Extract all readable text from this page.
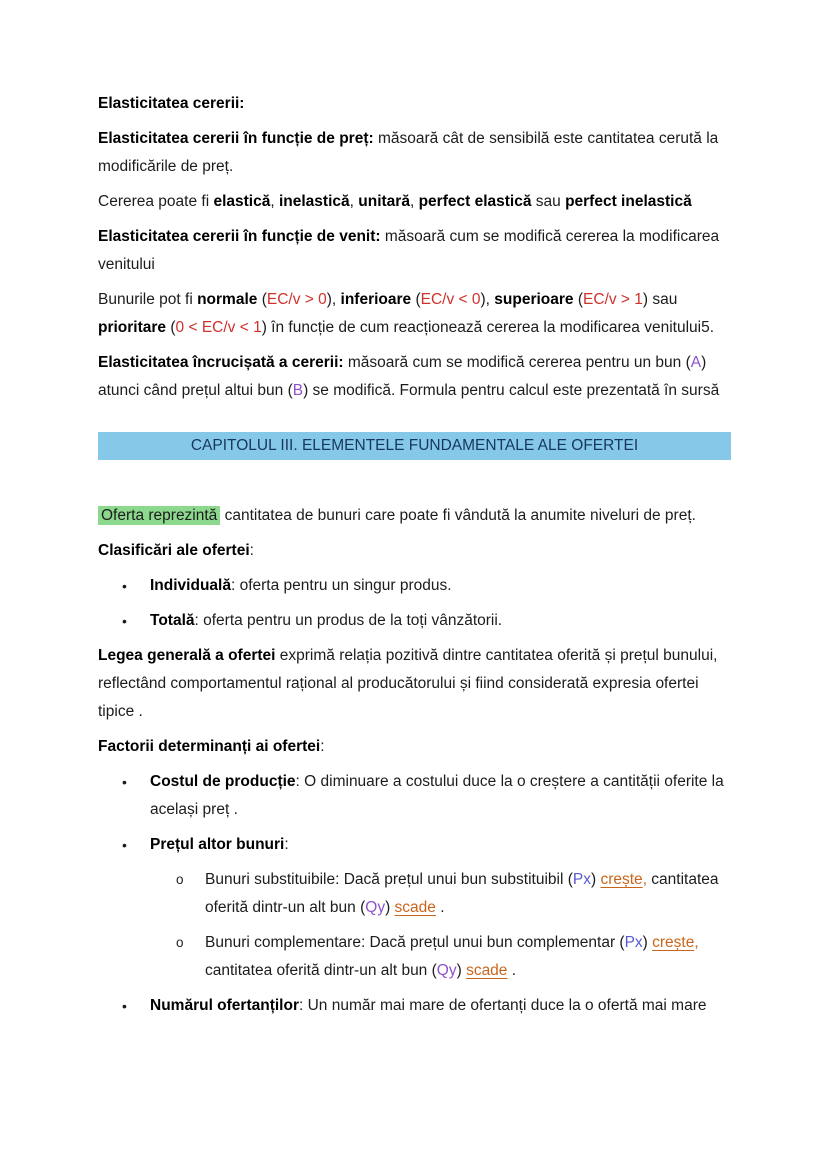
Elasticitatea cererii:

Elasticitatea cererii în funcție de preț: măsoară cât de sensibilă este cantitatea cerută la modificările de preț.

Cererea poate fi elastică, inelastică, unitară, perfect elastică sau perfect inelastică

Elasticitatea cererii în funcție de venit: măsoară cum se modifică cererea la modificarea venitului

Bunurile pot fi normale (EC/v > 0), inferioare (EC/v < 0), superioare (EC/v > 1) sau prioritare (0 < EC/v < 1) în funcție de cum reacționează cererea la modificarea venitului5.

Elasticitatea încrucișată a cererii: măsoară cum se modifică cererea pentru un bun (A) atunci când prețul altui bun (B) se modifică. Formula pentru calcul este prezentată în sursă

CAPITOLUL III. ELEMENTELE FUNDAMENTALE ALE OFERTEI

Oferta reprezintă cantitatea de bunuri care poate fi vândută la anumite niveluri de preț.

Clasificări ale ofertei:

•	Individuală: oferta pentru un singur produs.
•	Totală: oferta pentru un produs de la toți vânzătorii.

Legea generală a ofertei exprimă relația pozitivă dintre cantitatea oferită și prețul bunului, reflectând comportamentul rațional al producătorului și fiind considerată expresia ofertei tipice .

Factorii determinanți ai ofertei:

•	Costul de producție: O diminuare a costului duce la o creștere a cantității oferite la același preț .
•	Prețul altor bunuri:
o	Bunuri substituibile: Dacă prețul unui bun substituibil (Px) crește, cantitatea oferită dintr-un alt bun (Qy) scade .
o	Bunuri complementare: Dacă prețul unui bun complementar (Px) crește, cantitatea oferită dintr-un alt bun (Qy) scade .
•	Numărul ofertanților: Un număr mai mare de ofertanți duce la o ofertă mai mare
